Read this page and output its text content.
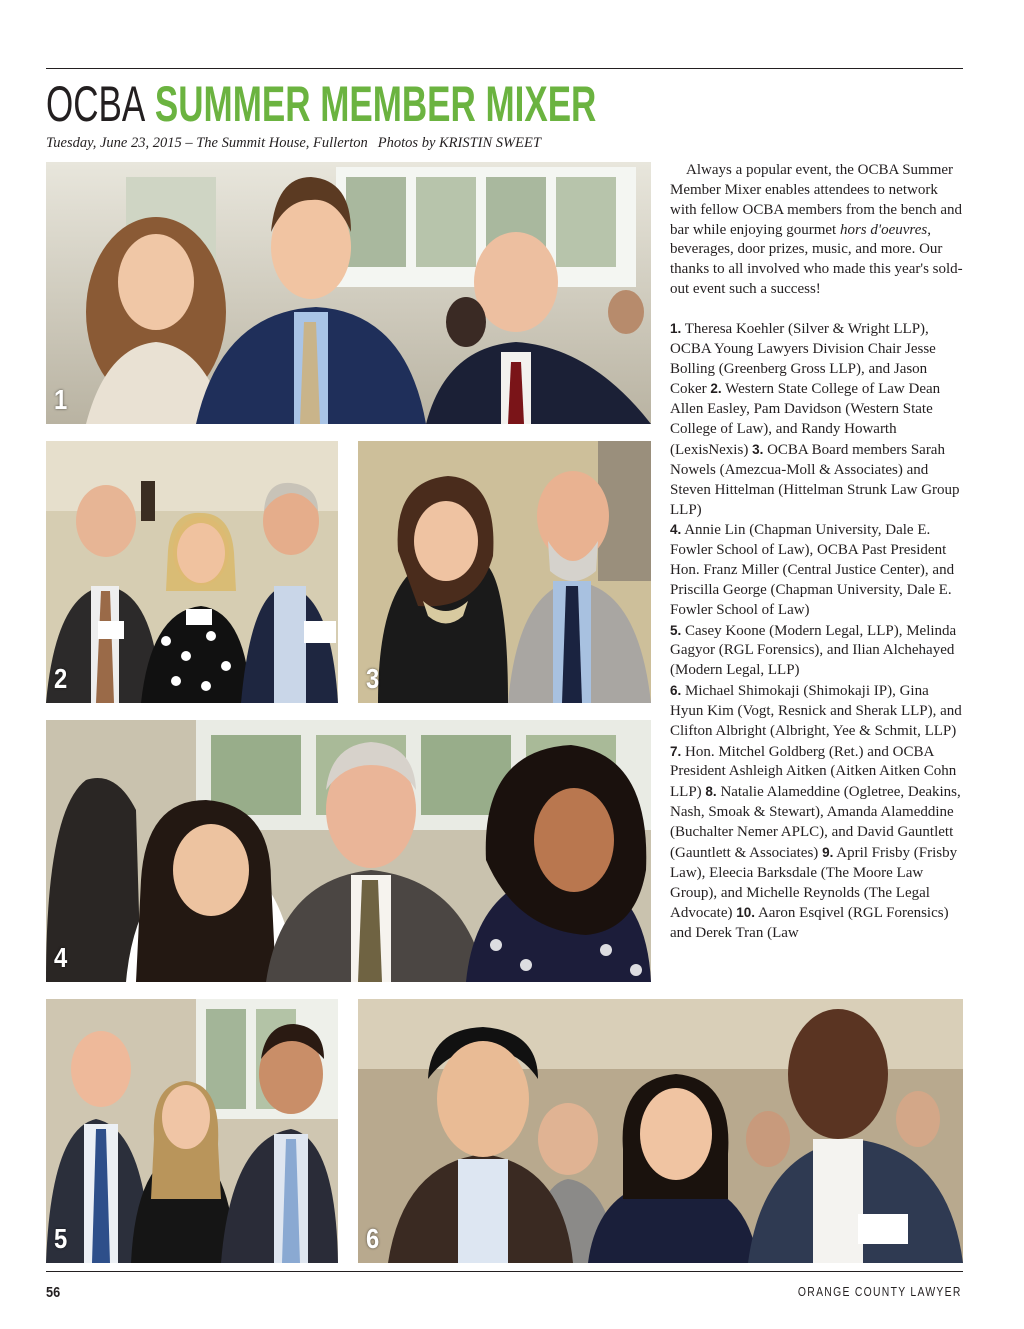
OCBA SUMMER MEMBER MIXER
Tuesday, June 23, 2015 – The Summit House, Fullerton Photos by KRISTIN SWEET
1
2	3
4
5	6

Always a popular event, the OCBA Summer Member Mixer enables attendees to network with fellow OCBA members from the bench and bar while enjoying gourmet hors d'oeuvres, beverages, door prizes, music, and more. Our thanks to all involved who made this year's sold-out event such a success!

1. Theresa Koehler (Silver & Wright LLP), OCBA Young Lawyers Division Chair Jesse Bolling (Greenberg Gross LLP), and Jason Coker 2. Western State College of Law Dean Allen Easley, Pam Davidson (Western State College of Law), and Randy Howarth (LexisNexis) 3. OCBA Board members Sarah Nowels (Amezcua-Moll & Associates) and Steven Hittelman (Hittelman Strunk Law Group LLP)
4. Annie Lin (Chapman University, Dale E. Fowler School of Law), OCBA Past President Hon. Franz Miller (Central Justice Center), and Priscilla George (Chapman University, Dale E. Fowler School of Law)
5. Casey Koone (Modern Legal, LLP), Melinda Gagyor (RGL Forensics), and Ilian Alchehayed (Modern Legal, LLP)
6. Michael Shimokaji (Shimokaji IP), Gina Hyun Kim (Vogt, Resnick and Sherak LLP), and Clifton Albright (Albright, Yee & Schmit, LLP) 7. Hon. Mitchel Goldberg (Ret.) and OCBA President Ashleigh Aitken (Aitken Aitken Cohn LLP) 8. Natalie Alameddine (Ogletree, Deakins, Nash, Smoak & Stewart), Amanda Alameddine (Buchalter Nemer APLC), and David Gauntlett (Gauntlett & Associates) 9. April Frisby (Frisby Law), Eleecia Barksdale (The Moore Law Group), and Michelle Reynolds (The Legal Advocate) 10. Aaron Esqivel (RGL Forensics) and Derek Tran (Law

56	ORANGE COUNTY LAWYER
